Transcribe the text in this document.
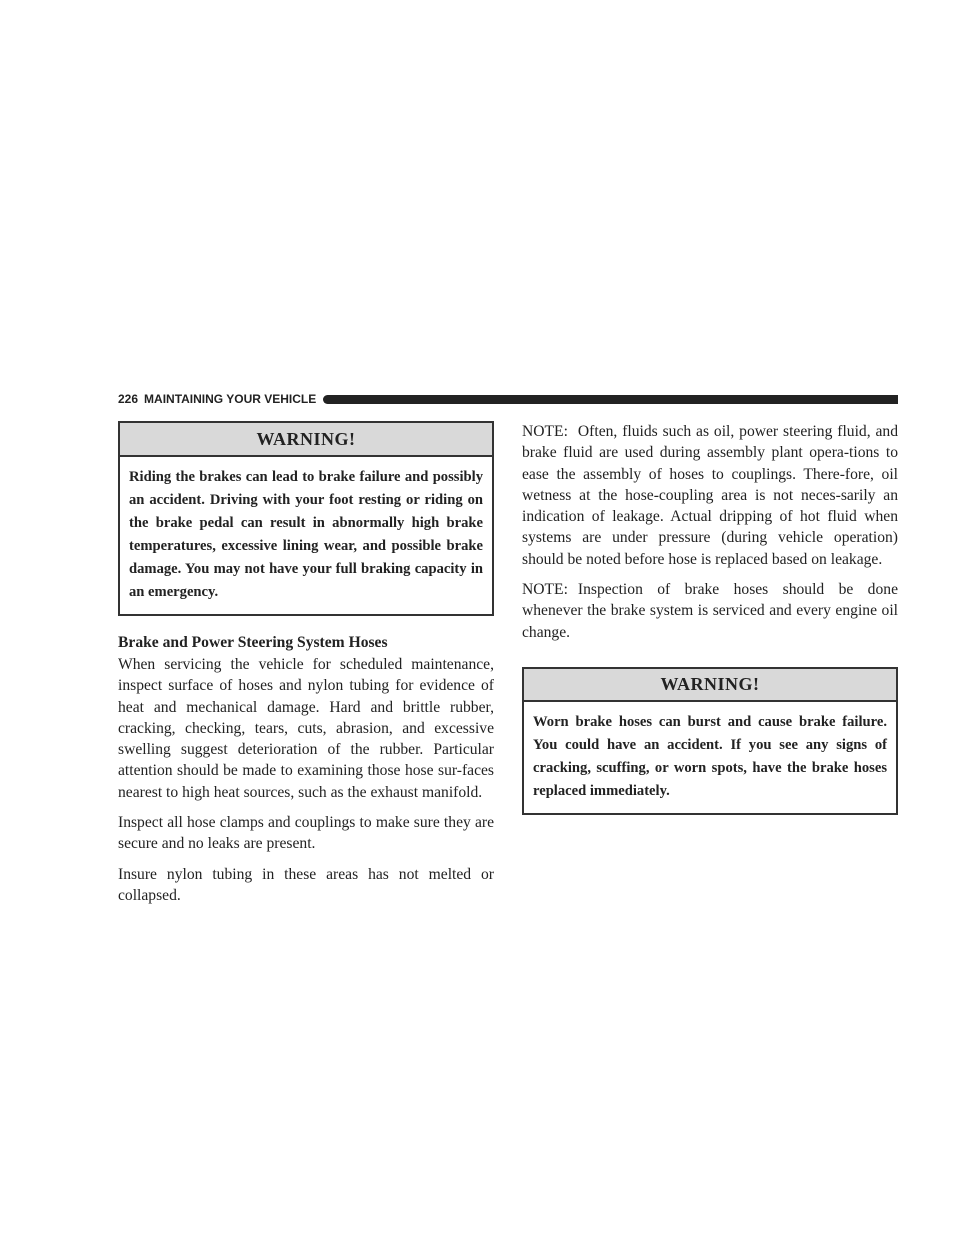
226 MAINTAINING YOUR VEHICLE
WARNING!
Riding the brakes can lead to brake failure and possibly an accident. Driving with your foot resting or riding on the brake pedal can result in abnormally high brake temperatures, excessive lining wear, and possible brake damage. You may not have your full braking capacity in an emergency.
Brake and Power Steering System Hoses

When servicing the vehicle for scheduled maintenance, inspect surface of hoses and nylon tubing for evidence of heat and mechanical damage. Hard and brittle rubber, cracking, checking, tears, cuts, abrasion, and excessive swelling suggest deterioration of the rubber. Particular attention should be made to examining those hose sur-faces nearest to high heat sources, such as the exhaust manifold.

Inspect all hose clamps and couplings to make sure they are secure and no leaks are present.

Insure nylon tubing in these areas has not melted or collapsed.

NOTE: Often, fluids such as oil, power steering fluid, and brake fluid are used during assembly plant opera-tions to ease the assembly of hoses to couplings. There-fore, oil wetness at the hose-coupling area is not neces-sarily an indication of leakage. Actual dripping of hot fluid when systems are under pressure (during vehicle operation) should be noted before hose is replaced based on leakage.

NOTE: Inspection of brake hoses should be done whenever the brake system is serviced and every engine oil change.

WARNING!
Worn brake hoses can burst and cause brake failure. You could have an accident. If you see any signs of cracking, scuffing, or worn spots, have the brake hoses replaced immediately.
